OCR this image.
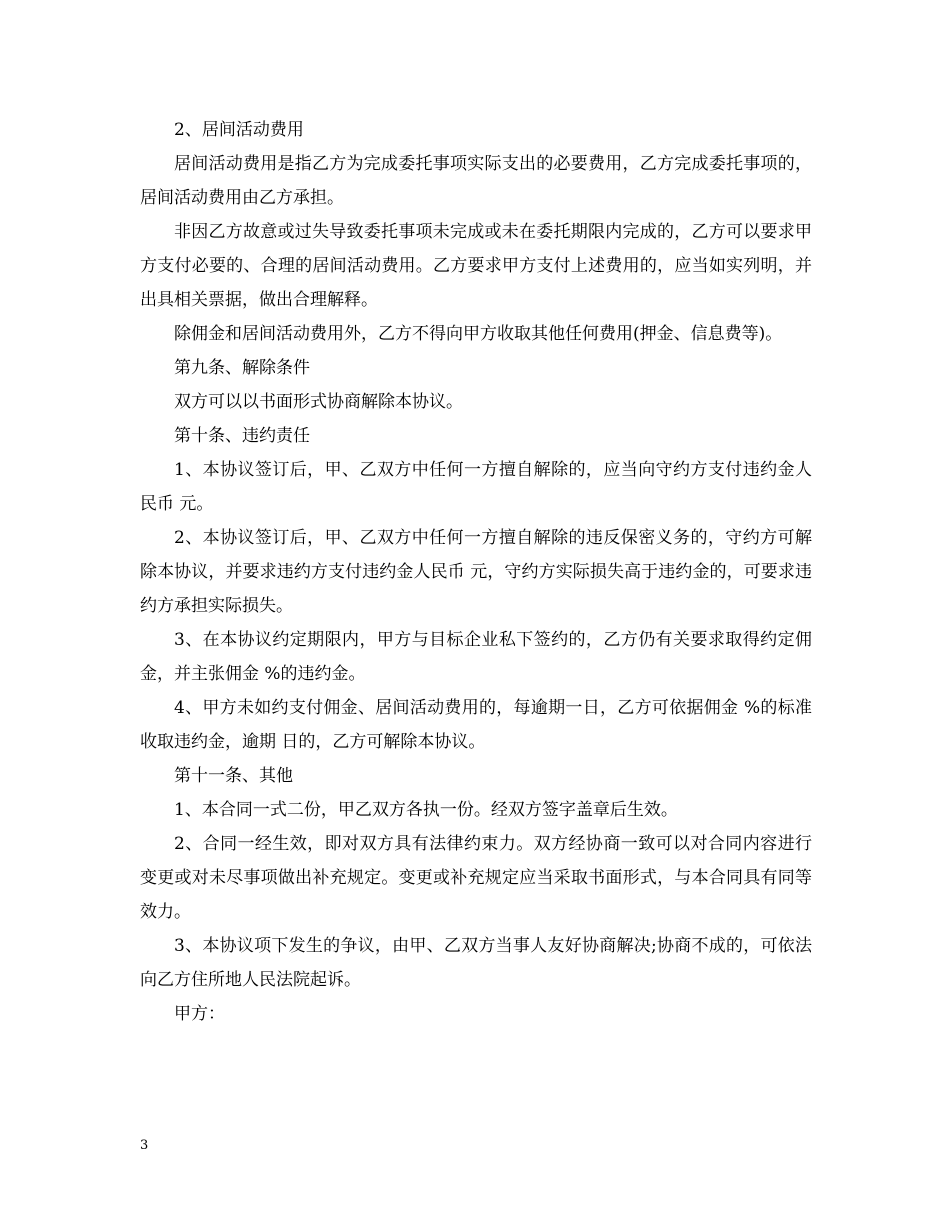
2、居间活动费用

居间活动费用是指乙方为完成委托事项实际支出的必要费用，乙方完成委托事项的，居间活动费用由乙方承担。

非因乙方故意或过失导致委托事项未完成或未在委托期限内完成的，乙方可以要求甲方支付必要的、合理的居间活动费用。乙方要求甲方支付上述费用的，应当如实列明，并出具相关票据，做出合理解释。

除佣金和居间活动费用外，乙方不得向甲方收取其他任何费用(押金、信息费等)。

第九条、解除条件

双方可以以书面形式协商解除本协议。

第十条、违约责任

1、本协议签订后，甲、乙双方中任何一方擅自解除的，应当向守约方支付违约金人民币 元。

2、本协议签订后，甲、乙双方中任何一方擅自解除的违反保密义务的，守约方可解除本协议，并要求违约方支付违约金人民币 元，守约方实际损失高于违约金的，可要求违约方承担实际损失。

3、在本协议约定期限内，甲方与目标企业私下签约的，乙方仍有关要求取得约定佣金，并主张佣金 %的违约金。

4、甲方未如约支付佣金、居间活动费用的，每逾期一日，乙方可依据佣金 %的标准收取违约金，逾期 日的，乙方可解除本协议。

第十一条、其他

1、本合同一式二份，甲乙双方各执一份。经双方签字盖章后生效。

2、合同一经生效，即对双方具有法律约束力。双方经协商一致可以对合同内容进行变更或对未尽事项做出补充规定。变更或补充规定应当采取书面形式，与本合同具有同等效力。

3、本协议项下发生的争议，由甲、乙双方当事人友好协商解决;协商不成的，可依法向乙方住所地人民法院起诉。

甲方：

3
